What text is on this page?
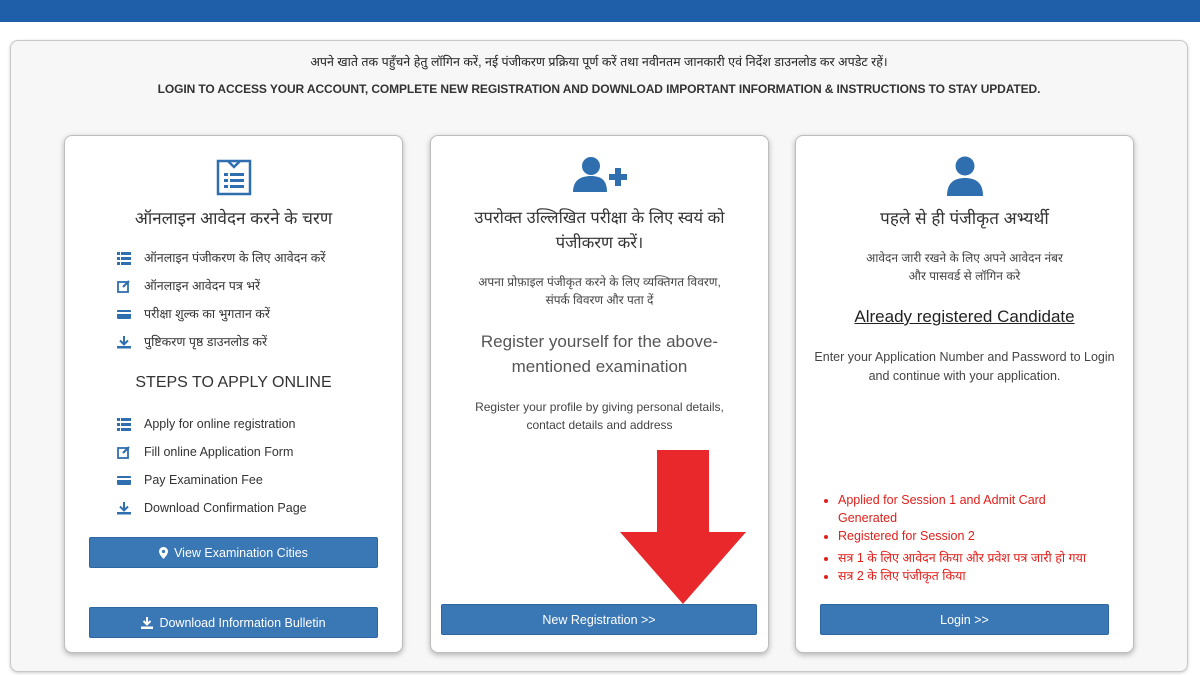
अपने खाते तक पहुँचने हेतु लॉगिन करें, नई पंजीकरण प्रक्रिया पूर्ण करें तथा नवीनतम जानकारी एवं निर्देश डाउनलोड कर अपडेट रहें।
LOGIN TO ACCESS YOUR ACCOUNT, COMPLETE NEW REGISTRATION AND DOWNLOAD IMPORTANT INFORMATION & INSTRUCTIONS TO STAY UPDATED.
ऑनलाइन आवेदन करने के चरण
ऑनलाइन पंजीकरण के लिए आवेदन करें
ऑनलाइन आवेदन पत्र भरें
परीक्षा शुल्क का भुगतान करें
पुष्टिकरण पृष्ठ डाउनलोड करें
STEPS TO APPLY ONLINE
Apply for online registration
Fill online Application Form
Pay Examination Fee
Download Confirmation Page
View Examination Cities
Download Information Bulletin
उपरोक्त उल्लिखित परीक्षा के लिए स्वयं को पंजीकरण करें।
अपना प्रोफ़ाइल पंजीकृत करने के लिए व्यक्तिगत विवरण, संपर्क विवरण और पता दें
Register yourself for the above-mentioned examination
Register your profile by giving personal details, contact details and address
New Registration >>
पहले से ही पंजीकृत अभ्यर्थी
आवेदन जारी रखने के लिए अपने आवेदन नंबर और पासवर्ड से लॉगिन करे
Already registered Candidate
Enter your Application Number and Password to Login and continue with your application.
• Applied for Session 1 and Admit Card Generated
• Registered for Session 2
• सत्र 1 के लिए आवेदन किया और प्रवेश पत्र जारी हो गया
• सत्र 2 के लिए पंजीकृत किया
Login >>
